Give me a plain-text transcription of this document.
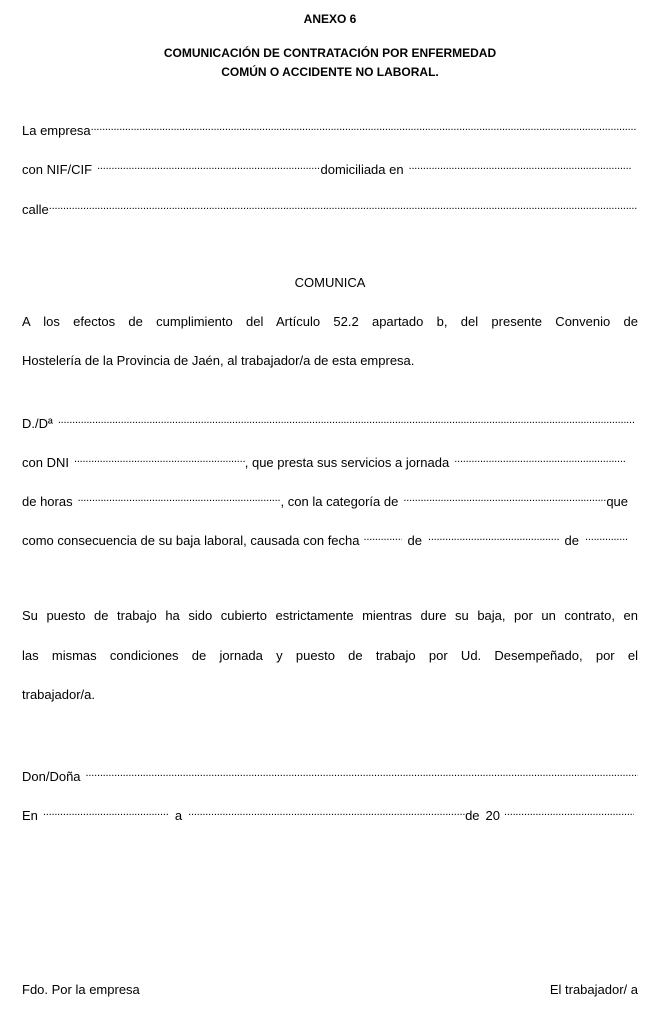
ANEXO 6
COMUNICACIÓN DE CONTRATACIÓN POR ENFERMEDAD
COMÚN O ACCIDENTE NO LABORAL.
La empresa
.....
con NIF/CIF .....	domiciliada en
.....
calle
.....
COMUNICA
A los efectos de cumplimiento del Artículo 52.2 apartado b, del presente Convenio de
Hostelería de la Provincia de Jaén, al trabajador/a de esta empresa.
D./Dª
.....
con DNI .....	, que presta sus servicios a jornada
.....
de horas .....	, con la categoría de .....	que
como consecuencia de su baja laboral, causada con fecha .....	de .....	de
.....
Su puesto de trabajo ha sido cubierto estrictamente mientras dure su baja, por un contrato, en
las mismas condiciones de jornada y puesto de trabajo por Ud. Desempeñado, por el
trabajador/a.
Don/Doña
.....
En .....	a .....	de 20
.....
Fdo. Por la empresa	El trabajador/ a
